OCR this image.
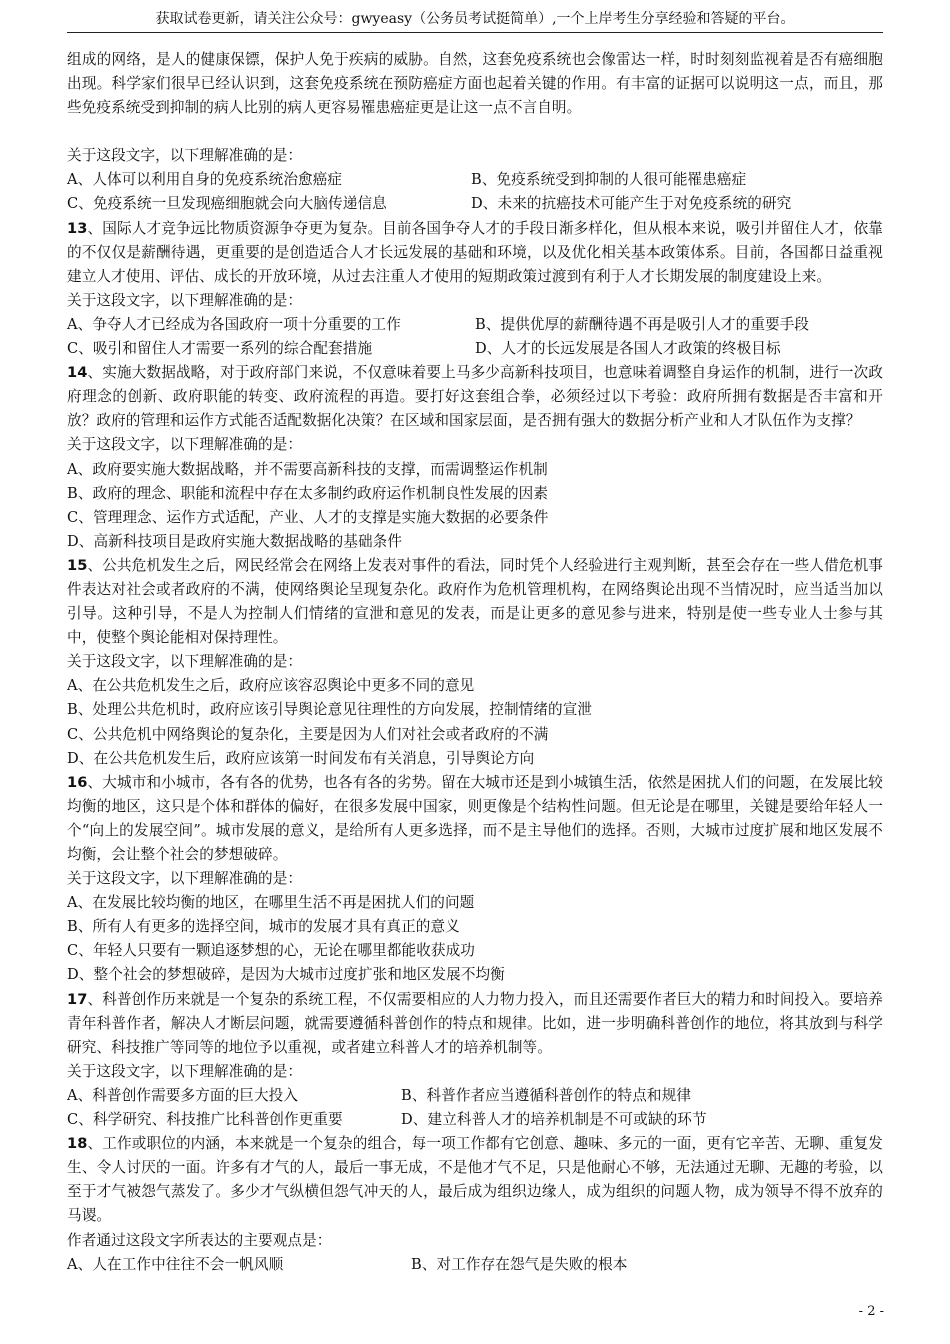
获取试卷更新，请关注公众号：gwyeasy（公务员考试挺简单）,一个上岸考生分享经验和答疑的平台。

组成的网络，是人的健康保镖，保护人免于疾病的威胁。自然，这套免疫系统也会像雷达一样，时时刻刻监视着是否有癌细胞出现。科学家们很早已经认识到，这套免疫系统在预防癌症方面也起着关键的作用。有丰富的证据可以说明这一点，而且，那些免疫系统受到抑制的病人比别的病人更容易罹患癌症更是让这一点不言自明。

关于这段文字，以下理解准确的是：

A、人体可以利用自身的免疫系统治愈癌症	B、免疫系统受到抑制的人很可能罹患癌症
C、免疫系统一旦发现癌细胞就会向大脑传递信息	D、未来的抗癌技术可能产生于对免疫系统的研究

13、国际人才竞争远比物质资源争夺更为复杂。目前各国争夺人才的手段日渐多样化，但从根本来说，吸引并留住人才，依靠的不仅仅是薪酬待遇，更重要的是创造适合人才长远发展的基础和环境，以及优化相关基本政策体系。目前，各国都日益重视建立人才使用、评估、成长的开放环境，从过去注重人才使用的短期政策过渡到有利于人才长期发展的制度建设上来。

关于这段文字，以下理解准确的是：

A、争夺人才已经成为各国政府一项十分重要的工作	B、提供优厚的薪酬待遇不再是吸引人才的重要手段
C、吸引和留住人才需要一系列的综合配套措施	D、人才的长远发展是各国人才政策的终极目标

14、实施大数据战略，对于政府部门来说，不仅意味着要上马多少高新科技项目，也意味着调整自身运作的机制，进行一次政府理念的创新、政府职能的转变、政府流程的再造。要打好这套组合拳，必须经过以下考验：政府所拥有数据是否丰富和开放？政府的管理和运作方式能否适配数据化决策？在区域和国家层面，是否拥有强大的数据分析产业和人才队伍作为支撑？

关于这段文字，以下理解准确的是：

A、政府要实施大数据战略，并不需要高新科技的支撑，而需调整运作机制

B、政府的理念、职能和流程中存在太多制约政府运作机制良性发展的因素

C、管理理念、运作方式适配，产业、人才的支撑是实施大数据的必要条件

D、高新科技项目是政府实施大数据战略的基础条件

15、公共危机发生之后，网民经常会在网络上发表对事件的看法，同时凭个人经验进行主观判断，甚至会存在一些人借危机事件表达对社会或者政府的不满，使网络舆论呈现复杂化。政府作为危机管理机构，在网络舆论出现不当情况时，应当适当加以引导。这种引导，不是人为控制人们情绪的宣泄和意见的发表，而是让更多的意见参与进来，特别是使一些专业人士参与其中，使整个舆论能相对保持理性。

关于这段文字，以下理解准确的是：

A、在公共危机发生之后，政府应该容忍舆论中更多不同的意见

B、处理公共危机时，政府应该引导舆论意见往理性的方向发展，控制情绪的宣泄

C、公共危机中网络舆论的复杂化，主要是因为人们对社会或者政府的不满

D、在公共危机发生后，政府应该第一时间发布有关消息，引导舆论方向

16、大城市和小城市，各有各的优势，也各有各的劣势。留在大城市还是到小城镇生活，依然是困扰人们的问题，在发展比较均衡的地区，这只是个体和群体的偏好，在很多发展中国家，则更像是个结构性问题。但无论是在哪里，关键是要给年轻人一个“向上的发展空间”。城市发展的意义，是给所有人更多选择，而不是主导他们的选择。否则，大城市过度扩展和地区发展不均衡，会让整个社会的梦想破碎。

关于这段文字，以下理解准确的是：

A、在发展比较均衡的地区，在哪里生活不再是困扰人们的问题

B、所有人有更多的选择空间，城市的发展才具有真正的意义

C、年轻人只要有一颗追逐梦想的心，无论在哪里都能收获成功

D、整个社会的梦想破碎，是因为大城市过度扩张和地区发展不均衡

17、科普创作历来就是一个复杂的系统工程，不仅需要相应的人力物力投入，而且还需要作者巨大的精力和时间投入。要培养青年科普作者，解决人才断层问题，就需要遵循科普创作的特点和规律。比如，进一步明确科普创作的地位，将其放到与科学研究、科技推广等同等的地位予以重视，或者建立科普人才的培养机制等。

关于这段文字，以下理解准确的是：

A、科普创作需要多方面的巨大投入	B、科普作者应当遵循科普创作的特点和规律
C、科学研究、科技推广比科普创作更重要	D、建立科普人才的培养机制是不可或缺的环节

18、工作或职位的内涵，本来就是一个复杂的组合，每一项工作都有它创意、趣味、多元的一面，更有它辛苦、无聊、重复发生、令人讨厌的一面。许多有才气的人，最后一事无成，不是他才气不足，只是他耐心不够，无法通过无聊、无趣的考验，以至于才气被怨气蒸发了。多少才气纵横但怨气冲天的人，最后成为组织边缘人，成为组织的问题人物，成为领导不得不放弃的马谡。

作者通过这段文字所表达的主要观点是：

A、人在工作中往往不会一帆风顺	B、对工作存在怨气是失败的根本
- 2 -
